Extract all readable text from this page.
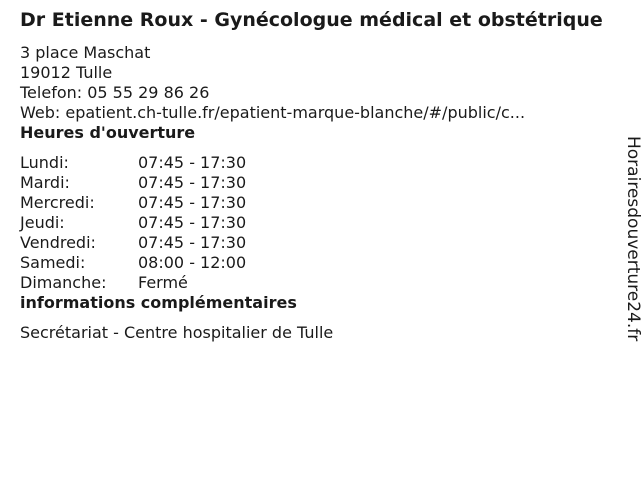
Dr Etienne Roux - Gynécologue médical et obstétrique
3 place Maschat
19012 Tulle
Telefon: 05 55 29 86 26
Web: epatient.ch-tulle.fr/epatient-marque-blanche/#/public/c...
Heures d'ouverture
Lundi:	07:45 - 17:30
Mardi:	07:45 - 17:30
Mercredi:	07:45 - 17:30
Jeudi:	07:45 - 17:30
Vendredi:	07:45 - 17:30
Samedi:	08:00 - 12:00
Dimanche:	Fermé
informations complémentaires
Secrétariat - Centre hospitalier de Tulle	Horairesdouverture24.fr
